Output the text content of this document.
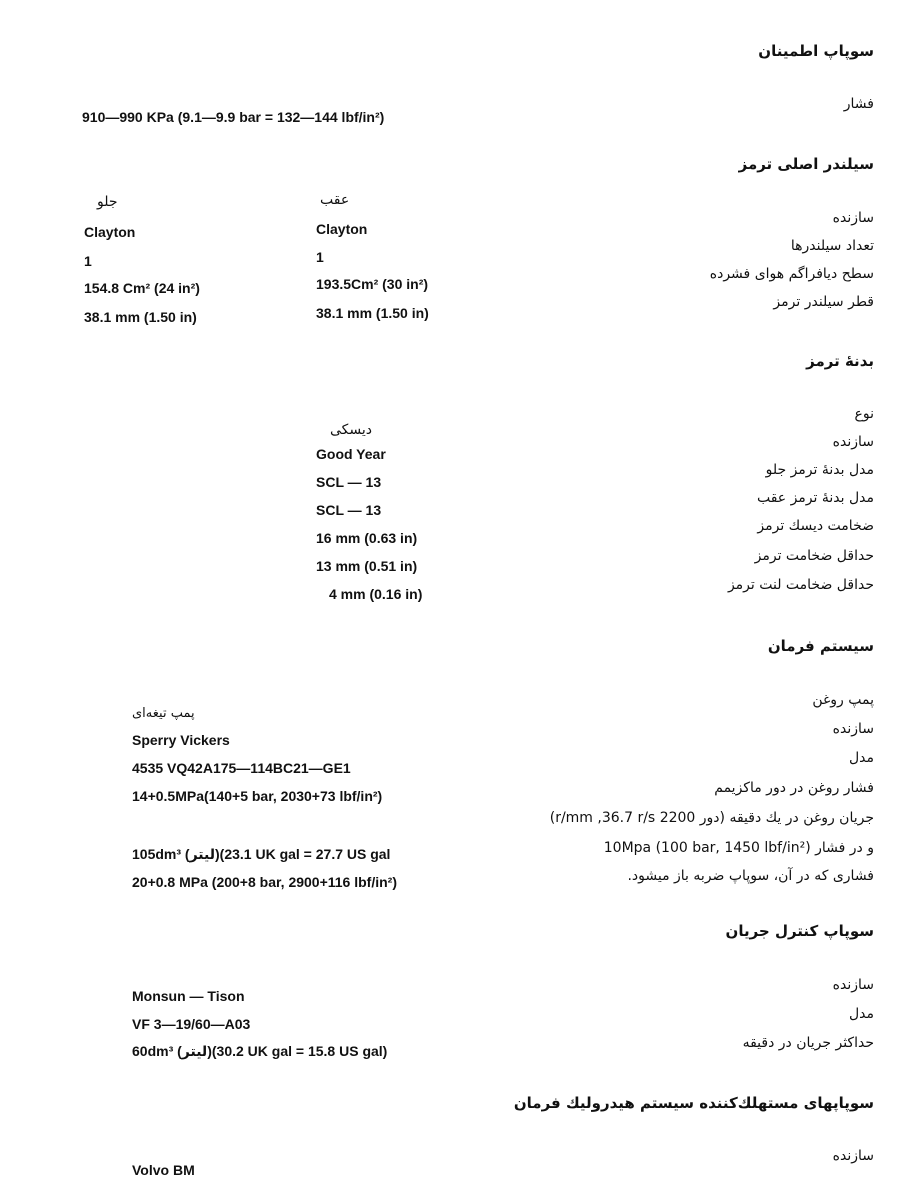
سوپاپ اطمینان
فشار
910—990 KPa (9.1—9.9 bar = 132—144 lbf/in²)
سیلندر اصلی ترمز
جلو	عقب
سازنده
تعداد سیلندرها
سطح دیافراگم هوای فشرده
قطر سیلندر ترمز
Clayton
1
154.8 Cm² (24 in²)
38.1 mm (1.50 in)
Clayton
1
193.5Cm² (30 in²)
38.1 mm (1.50 in)
بدنهٔ ترمز
نوع
سازنده
مدل بدنهٔ ترمز جلو
مدل بدنهٔ ترمز عقب
ضخامت دیسك ترمز
حداقل ضخامت ترمز
حداقل ضخامت لنت ترمز
دیسکی
Good Year
SCL — 13
SCL — 13
16 mm (0.63 in)
13 mm (0.51 in)
4 mm (0.16 in)
سیستم فرمان
پمپ روغن
سازنده
مدل
فشار روغن در دور ماکزیمم
جریان روغن در یك دقیقه (دور 2200 r/mm ,36.7 r/s)
و در فشار (10Mpa (100 bar, 1450 lbf/in²
فشاری که در آن، سوپاپ ضربه باز میشود.
پمپ تیغه‌ای
Sperry Vickers
4535 VQ42A175—114BC21—GE1
14+0.5MPa(140+5 bar, 2030+73 lbf/in²)
105dm³ (لیتر)(23.1 UK gal = 27.7 US gal
20+0.8 MPa (200+8 bar, 2900+116 lbf/in²)
سوپاپ کنترل جریان
سازنده
مدل
حداکثر جریان در دقیقه
Monsun — Tison
VF 3—19/60—A03
60dm³ (لیتر)(30.2 UK gal = 15.8 US gal)
سوپاپهای مستهلك‌کننده سیستم هیدرولیك فرمان
سازنده
Volvo BM
